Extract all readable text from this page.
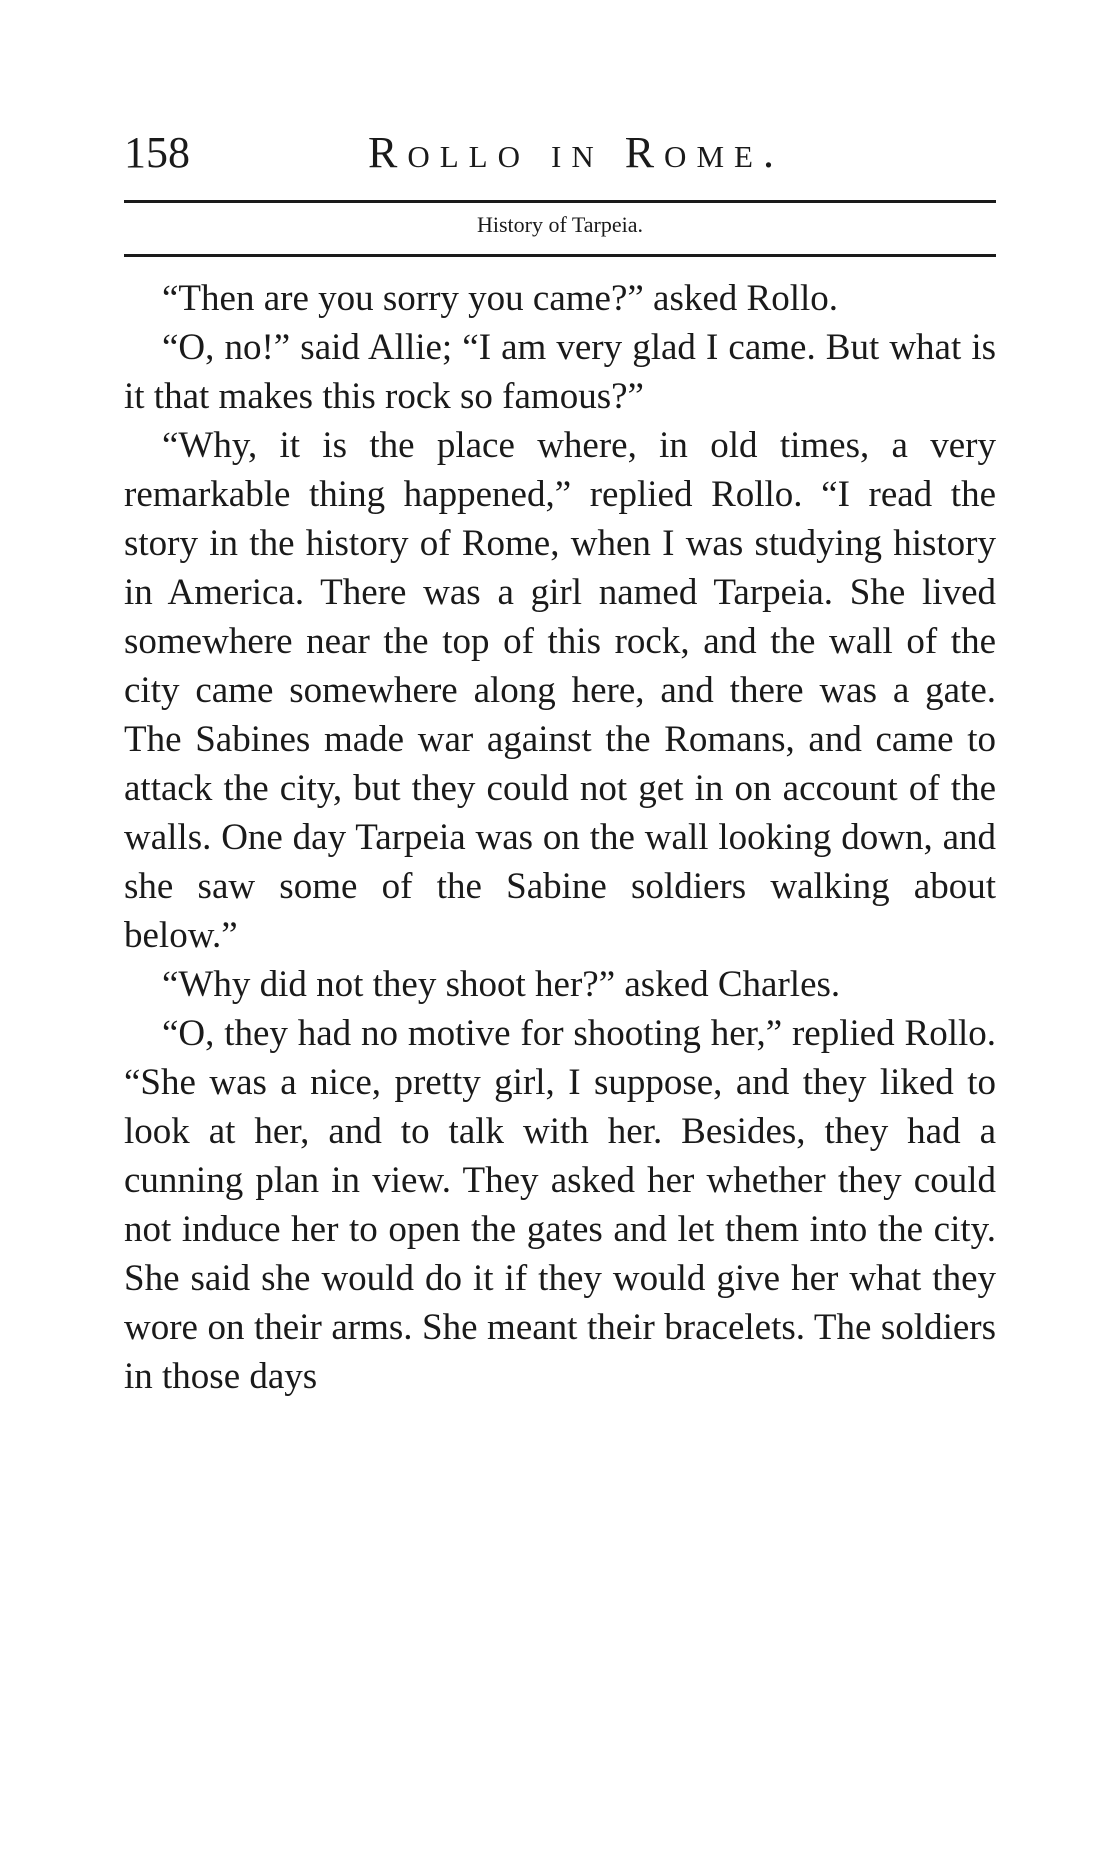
158	Rollo in Rome.
History of Tarpeia.

“Then are you sorry you came?” asked Rollo.

“O, no!” said Allie; “I am very glad I came. But what is it that makes this rock so famous?”

“Why, it is the place where, in old times, a very remarkable thing happened,” replied Rollo. “I read the story in the history of Rome, when I was studying history in America. There was a girl named Tarpeia. She lived somewhere near the top of this rock, and the wall of the city came somewhere along here, and there was a gate. The Sabines made war against the Romans, and came to attack the city, but they could not get in on account of the walls. One day Tarpeia was on the wall looking down, and she saw some of the Sabine soldiers walking about below.”

“Why did not they shoot her?” asked Charles.

“O, they had no motive for shooting her,” replied Rollo. “She was a nice, pretty girl, I suppose, and they liked to look at her, and to talk with her. Besides, they had a cunning plan in view. They asked her whether they could not induce her to open the gates and let them into the city. She said she would do it if they would give her what they wore on their arms. She meant their bracelets. The soldiers in those days
